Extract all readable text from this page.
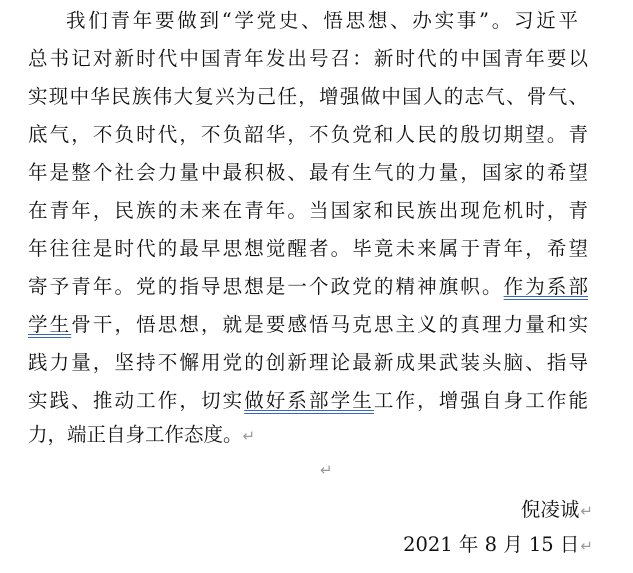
我们青年要做到“学党史、悟思想、办实事”。习近平
总书记对新时代中国青年发出号召：新时代的中国青年要以
实现中华民族伟大复兴为己任，增强做中国人的志气、骨气、
底气，不负时代，不负韶华，不负党和人民的殷切期望。青
年是整个社会力量中最积极、最有生气的力量，国家的希望
在青年，民族的未来在青年。当国家和民族出现危机时，青
年往往是时代的最早思想觉醒者。毕竟未来属于青年，希望
寄予青年。党的指导思想是一个政党的精神旗帜。作为系部
学生骨干，悟思想，就是要感悟马克思主义的真理力量和实
践力量，坚持不懈用党的创新理论最新成果武装头脑、指导
实践、推动工作，切实做好系部学生工作，增强自身工作能
力，端正自身工作态度。↵
↵
倪凌诚↵
2021 年 8 月 15 日↵
